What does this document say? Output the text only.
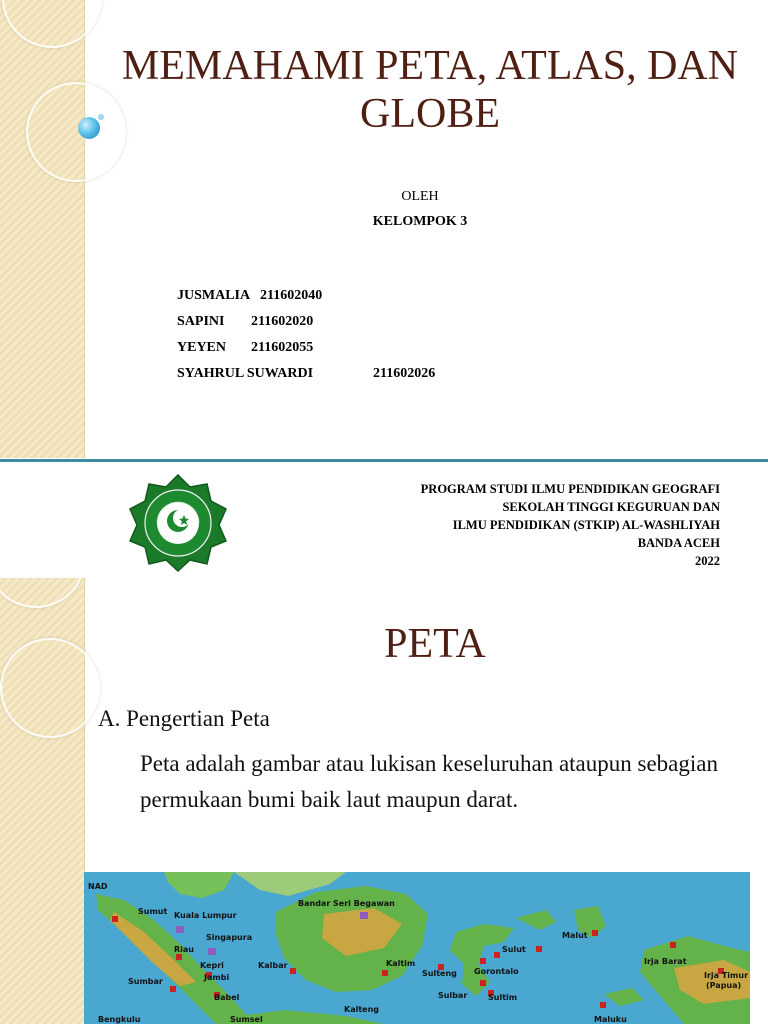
MEMAHAMI PETA, ATLAS, DAN GLOBE
OLEH
KELOMPOK 3
JUSMALIA 211602040
SAPINI 211602020
YEYEN 211602055
SYAHRUL SUWARDI	211602026
STKIP
PROGRAM STUDI ILMU PENDIDIKAN GEOGRAFI
SEKOLAH TINGGI KEGURUAN DAN
ILMU PENDIDIKAN (STKIP) AL-WASHLIYAH
BANDA ACEH
2022
PETA
A. Pengertian Peta
Peta adalah gambar atau lukisan keseluruhan ataupun sebagian permukaan bumi baik laut maupun darat.
NAD
Sumut Kuala Lumpur
Bandar Seri Begawan
Singapura
Riau
Kepri
Jambi
Sumbar
Babel
Bengkulu	Sumsel
Kalbar	Kaltim
Kalteng
Sulut
Gorontalo
Sulteng
Sulbar	Sultim
Malut
Maluku
Irja Barat
Irja Timur
(Papua)
